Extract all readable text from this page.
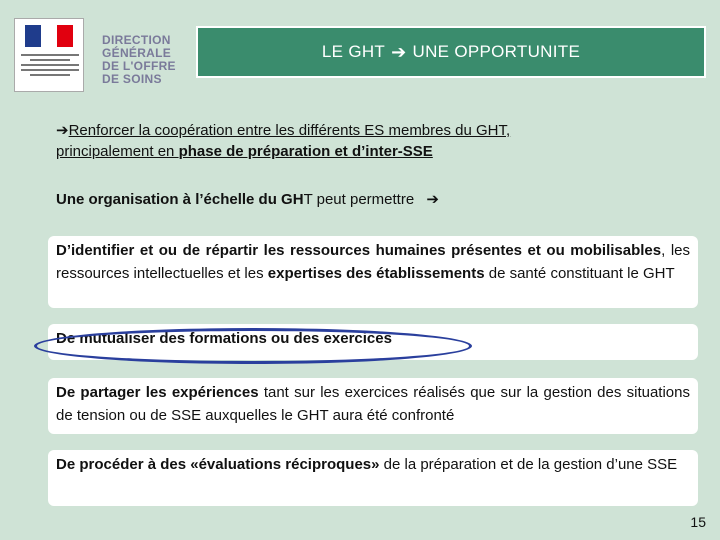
DIRECTION
GÉNÉRALE
DE L'OFFRE
DE SOINS
LE GHT ➔ UNE OPPORTUNITE
➔Renforcer la coopération entre les différents ES membres du GHT,
principalement en phase de préparation et d’inter-SSE
Une organisation à l’échelle du GHT peut permettre ➔
D’identifier et ou de répartir les ressources humaines présentes et ou mobilisables, les ressources intellectuelles et les expertises des établissements de santé constituant le GHT
De mutualiser des formations ou des exercices
De partager les expériences tant sur les exercices réalisés que sur la gestion des situations de tension ou de SSE auxquelles le GHT aura été confronté
De procéder à des «évaluations réciproques» de la préparation et de la gestion d’une SSE
15
